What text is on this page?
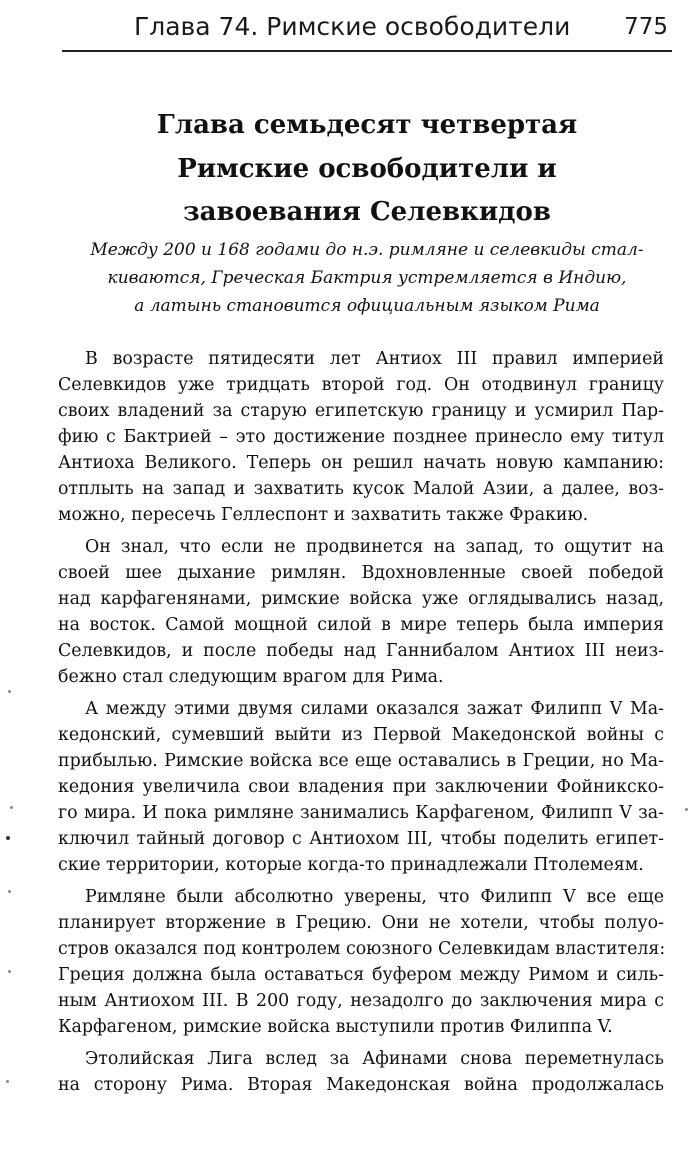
Глава 74. Римские освободители 775
Глава семьдесят четвертая
Римские освободители и
завоевания Селевкидов
Между 200 и 168 годами до н.э. римляне и селевкиды стал-
киваются, Греческая Бактрия устремляется в Индию,
а латынь становится официальным языком Рима
В возрасте пятидесяти лет Антиох III правил империей
Селевкидов уже тридцать второй год. Он отодвинул границу
своих владений за старую египетскую границу и усмирил Пар-
фию с Бактрией – это достижение позднее принесло ему титул
Антиоха Великого. Теперь он решил начать новую кампанию:
отплыть на запад и захватить кусок Малой Азии, а далее, воз-
можно, пересечь Геллеспонт и захватить также Фракию.
Он знал, что если не продвинется на запад, то ощутит на
своей шее дыхание римлян. Вдохновленные своей победой
над карфагенянами, римские войска уже оглядывались назад,
на восток. Самой мощной силой в мире теперь была империя
Селевкидов, и после победы над Ганнибалом Антиох III неиз-
бежно стал следующим врагом для Рима.
А между этими двумя силами оказался зажат Филипп V Ма-
кедонский, сумевший выйти из Первой Македонской войны с
прибылью. Римские войска все еще оставались в Греции, но Ма-
кедония увеличила свои владения при заключении Фойникско-
го мира. И пока римляне занимались Карфагеном, Филипп V за-
ключил тайный договор с Антиохом III, чтобы поделить египет-
ские территории, которые когда-то принадлежали Птолемеям.
Римляне были абсолютно уверены, что Филипп V все еще
планирует вторжение в Грецию. Они не хотели, чтобы полуо-
стров оказался под контролем союзного Селевкидам властителя:
Греция должна была оставаться буфером между Римом и силь-
ным Антиохом III. В 200 году, незадолго до заключения мира с
Карфагеном, римские войска выступили против Филиппа V.
Этолийская Лига вслед за Афинами снова переметнулась
на сторону Рима. Вторая Македонская война продолжалась
